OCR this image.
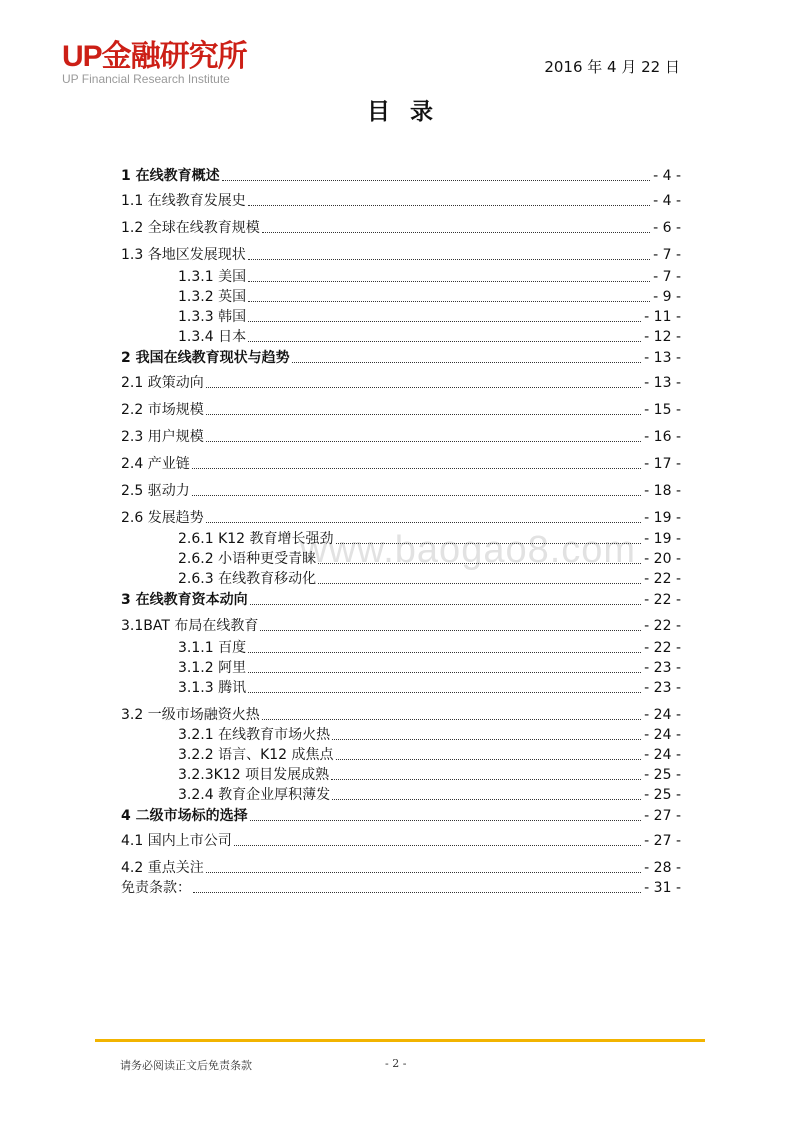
UP金融研究所
UP Financial Research Institute
2016 年 4 月 22 日
目录
www.baogao8.com
1 在线教育概述	- 4 -
1.1 在线教育发展史	- 4 -
1.2 全球在线教育规模	- 6 -
1.3 各地区发展现状	- 7 -
1.3.1 美国	- 7 -
1.3.2 英国	- 9 -
1.3.3 韩国	- 11 -
1.3.4 日本	- 12 -
2 我国在线教育现状与趋势	- 13 -
2.1 政策动向	- 13 -
2.2 市场规模	- 15 -
2.3 用户规模	- 16 -
2.4 产业链	- 17 -
2.5 驱动力	- 18 -
2.6 发展趋势	- 19 -
2.6.1 K12 教育增长强劲	- 19 -
2.6.2 小语种更受青睐	- 20 -
2.6.3 在线教育移动化	- 22 -
3 在线教育资本动向	- 22 -
3.1BAT 布局在线教育	- 22 -
3.1.1 百度	- 22 -
3.1.2 阿里	- 23 -
3.1.3 腾讯	- 23 -
3.2 一级市场融资火热	- 24 -
3.2.1 在线教育市场火热	- 24 -
3.2.2 语言、K12 成焦点	- 24 -
3.2.3K12 项目发展成熟	- 25 -
3.2.4 教育企业厚积薄发	- 25 -
4 二级市场标的选择	- 27 -
4.1 国内上市公司	- 27 -
4.2 重点关注	- 28 -
免责条款：	- 31 -
请务必阅读正文后免责条款	- 2 -
